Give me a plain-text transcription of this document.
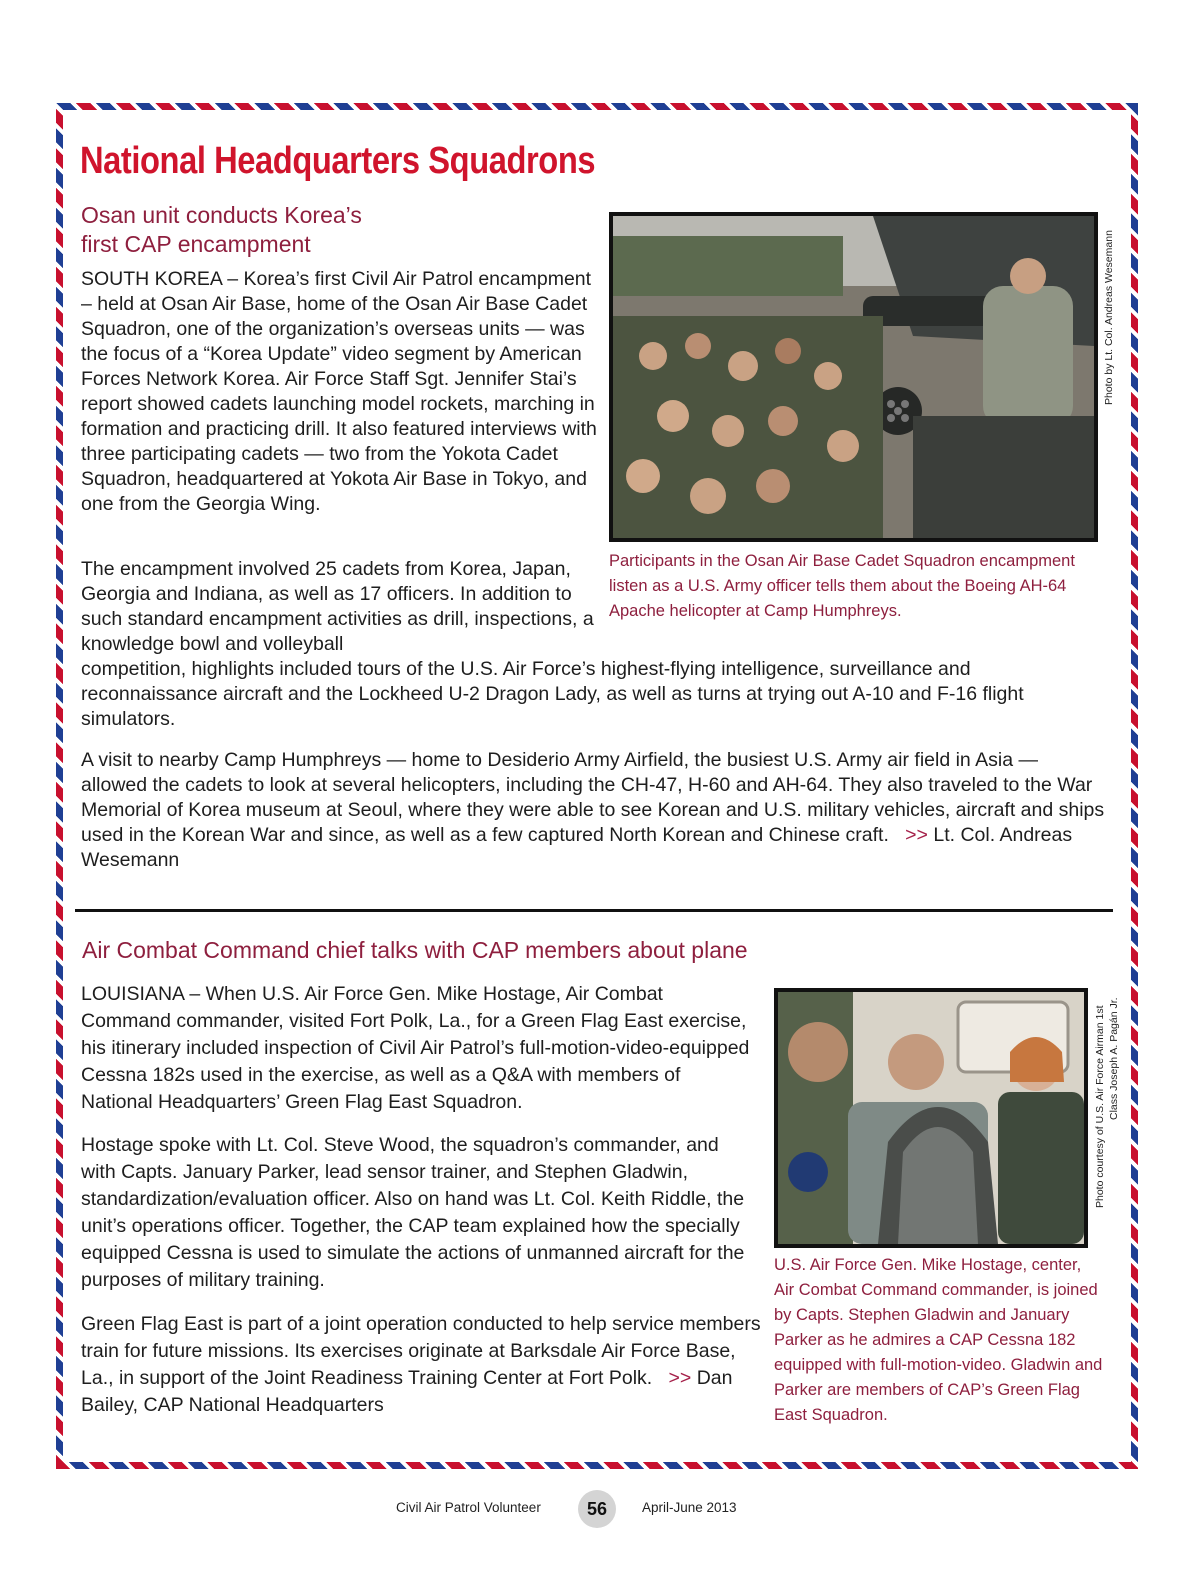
National Headquarters Squadrons
Osan unit conducts Korea’s
first CAP encampment

SOUTH KOREA – Korea’s first Civil Air Patrol encampment – held at Osan Air Base, home of the Osan Air Base Cadet Squadron, one of the organization’s overseas units — was the focus of a “Korea Update” video segment by American Forces Network Korea. Air Force Staff Sgt. Jennifer Stai’s report showed cadets launching model rockets, marching in formation and practicing drill. It also featured interviews with three participating cadets — two from the Yokota Cadet Squadron, headquartered at Yokota Air Base in Tokyo, and one from the Georgia Wing.

The encampment involved 25 cadets from Korea, Japan, Georgia and Indiana, as well as 17 officers. In addition to such standard encampment activities as drill, inspections, a knowledge bowl and volleyball

competition, highlights included tours of the U.S. Air Force’s highest-flying intelligence, surveillance and reconnaissance aircraft and the Lockheed U-2 Dragon Lady, as well as turns at trying out A-10 and F-16 flight simulators.

A visit to nearby Camp Humphreys — home to Desiderio Army Airfield, the busiest U.S. Army air field in Asia — allowed the cadets to look at several helicopters, including the CH-47, H-60 and AH-64. They also traveled to the War Memorial of Korea museum at Seoul, where they were able to see Korean and U.S. military vehicles, aircraft and ships used in the Korean War and since, as well as a few captured North Korean and Chinese craft. >> Lt. Col. Andreas Wesemann

Photo by Lt. Col. Andreas Wesemann

Participants in the Osan Air Base Cadet Squadron encampment listen as a U.S. Army officer tells them about the Boeing AH-64 Apache helicopter at Camp Humphreys.

Air Combat Command chief talks with CAP members about plane

LOUISIANA – When U.S. Air Force Gen. Mike Hostage, Air Combat Command commander, visited Fort Polk, La., for a Green Flag East exercise, his itinerary included inspection of Civil Air Patrol’s full-motion-video-equipped Cessna 182s used in the exercise, as well as a Q&A with members of National Headquarters’ Green Flag East Squadron.

Hostage spoke with Lt. Col. Steve Wood, the squadron’s commander, and with Capts. January Parker, lead sensor trainer, and Stephen Gladwin, standardization/evaluation officer. Also on hand was Lt. Col. Keith Riddle, the unit’s operations officer. Together, the CAP team explained how the specially equipped Cessna is used to simulate the actions of unmanned aircraft for the purposes of military training.

Green Flag East is part of a joint operation conducted to help service members train for future missions. Its exercises originate at Barksdale Air Force Base, La., in support of the Joint Readiness Training Center at Fort Polk. >> Dan Bailey, CAP National Headquarters

Photo courtesy of U.S. Air Force Airman 1st Class Joseph A. Pagán Jr.

U.S. Air Force Gen. Mike Hostage, center, Air Combat Command commander, is joined by Capts. Stephen Gladwin and January Parker as he admires a CAP Cessna 182 equipped with full-motion-video. Gladwin and Parker are members of CAP’s Green Flag East Squadron.

Civil Air Patrol Volunteer	56	April-June 2013
